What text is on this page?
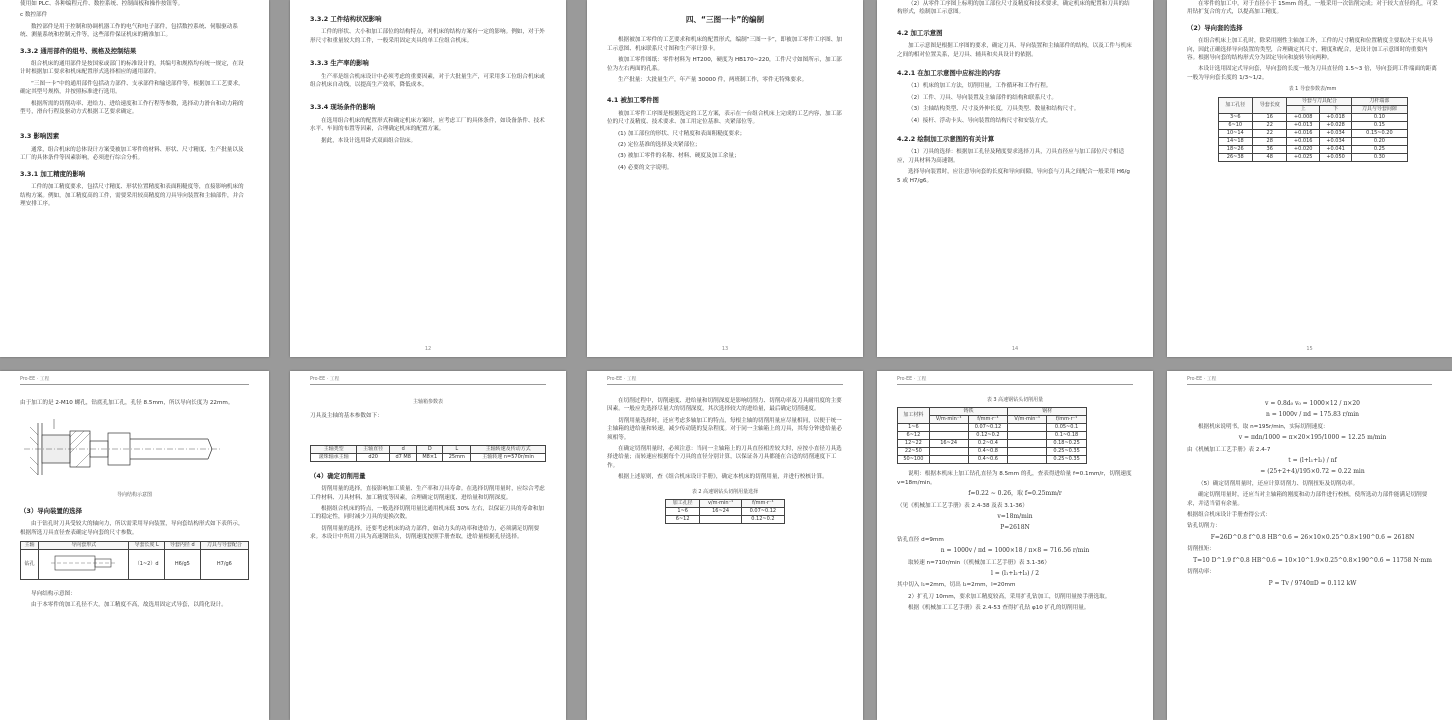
使用如 PLC、各种编程元件、数控系统、控制面板和操作按钮等。
c 数控部件
数控部件是用于控制和协调机器工作的电气和电子部件，包括数控系统、伺服驱动系统、测量系统和控制元件等，这些部件保证机床的精准加工。
3.3.2 通用部件的组号、规格及控制结果
组合机床的通用部件是按国家或部门的标准设计的，其编号和规格均有统一规定，在设计时根据加工要求和机床配置形式选择相应的通用部件。
“三图一卡”中的通用部件包括动力部件、支承部件和输送部件等，根据加工工艺要求，确定其型号规格，并按照标准进行选用。
根据所需的切削功率、进给力、进给速度和工作行程等参数，选择动力滑台和动力箱的型号，滑台行程及驱动方式根据工艺要求确定。
3.3 影响因素
通常，组合机床的总体设计方案受被加工零件的材料、形状、尺寸精度、生产批量以及工厂的具体条件等因素影响，必须进行综合分析。
3.3.1 加工精度的影响
工件的加工精度要求，包括尺寸精度、形状位置精度和表面粗糙度等，直接影响机床的结构方案。例如，加工精度高的工件，需要采用较高精度的刀具导向装置和主轴部件，并合理安排工序。
3.3.2 工件结构状况影响
工件的形状、大小和加工部位的结构特点，对机床的结构方案有一定的影响。例如，对于外形尺寸和重量较大的工件，一般采用固定夹具的单工位组合机床。
3.3.3 生产率的影响
生产率是组合机床设计中必须考虑的重要因素，对于大批量生产，可采用多工位组合机床或组合机床自动线，以提高生产效率，降低成本。
3.3.4 现场条件的影响
在选用组合机床的配置形式和确定机床方案时，应考虑工厂的具体条件，如设备条件、技术水平、车间的布置等因素，合理确定机床的配置方案。
据此，本设计选用卧式双面组合钻床。
12
四、“三图一卡”的编制
根据被加工零件的工艺要求和机床的配置形式，编制“三图一卡”，即被加工零件工序图、加工示意图、机床联系尺寸图和生产率计算卡。
被加工零件图纸：零件材料为 HT200，硬度为 HB170~220，工件尺寸如图所示，加工部位为左右两面的孔系。
生产批量：大批量生产，年产量 30000 件，两班制工作，零件无特殊要求。
4.1 被加工零件图
被加工零件工序图是根据选定的工艺方案，表示在一台组合机床上完成的工艺内容，加工部位的尺寸及精度、技术要求、加工用定位基准、夹紧部位等。
(1) 加工部位的形状、尺寸精度和表面粗糙度要求；
(2) 定位基准的选择及夹紧部位；
(3) 被加工零件的名称、材料、硬度及加工余量；
(4) 必要的文字说明。
13
（2）从零件工序图上标明的加工部位尺寸及精度和技术要求，确定机床的配置和刀具的结构形式，绘制加工示意图。
4.2 加工示意图
加工示意图是根据工序图的要求，确定刀具、导向装置和主轴部件的结构，以及工件与机床之间的相对位置关系，是刀具、辅具和夹具设计的依据。
4.2.1 在加工示意图中应标注的内容
（1）机床的加工方法，切削用量，工作循环和工作行程。
（2）工件、刀具、导向装置及主轴部件的结构和联系尺寸。
（3）主轴结构类型、尺寸及外伸长度，刀具类型、数量和结构尺寸。
（4）接杆、浮动卡头、导向装置的结构尺寸和安装方式。
4.2.2 绘制加工示意图的有关计算
（1）刀具的选择：根据加工孔径及精度要求选择刀具，刀具直径应与加工部位尺寸相适应，刀具材料为高速钢。
选择导向装置时，应注意导向套的长度和导向间隙，导向套与刀具之间配合一般采用 H6/g5 或 H7/g6。
14
在零件的加工中，对于直径小于 15mm 的孔，一般采用一次钻削完成；对于较大直径的孔，可采用钻扩复合的方式，以提高加工精度。
（2）导向套的选择
在组合机床上加工孔时，除采用刚性主轴加工外，工件的尺寸精度和位置精度主要取决于夹具导向，因此正确选择导向装置的类型，合理确定其尺寸、精度和配合，是设计加工示意图时的重要内容。根据导向套的结构形式分为固定导向和旋转导向两种。
本设计选用固定式导向套，导向套的长度一般为刀具直径的 1.5~3 倍，导向套到工件端面的距离一般为导向套长度的 1/3~1/2。
表 1 导套参数表/mm
加工孔径	导套长度	导套与刀具配合		刀杆端部
		上	下	刀具与导套间隙
3~6	16	+0.008	+0.018	0.10
6~10	22	+0.013	+0.028	0.15
10~14	22	+0.016	+0.034	0.15~0.20
14~18	28	+0.016	+0.034	0.20
18~26	36	+0.020	+0.041	0.25
26~38	48	+0.025	+0.050	0.30
15
Pro·EE · 工程
由于加工的是 2-M10 螺孔，钻底孔加工孔，孔径 8.5mm，所以导向长度为 22mm。
导向结构示意图
（3）导向装置的选择
由于钻孔时刀具受较大的轴向力，所以需采用导向装置，导向套结构形式如下表所示，根据所选刀具直径查表确定导向套的尺寸参数。
主轴	导向套形式	导套长度 L	导套内径 d	刀具与导套配合
钻孔		（1~2）d	H6/g5	H7/g6
导向结构示意图：
由于本零件的加工孔径不大，加工精度不高，故选用固定式导套，以简化设计。
Pro·EE · 工程
主轴箱参数表
刀具及主轴的基本参数如下：
主轴类型	主轴直径	d	D	L	主轴转速及传动方式
滚珠轴承主轴	d20	d7 M8	M8×1	25mm	主轴转速 n=570r/min
（4）确定切削用量
切削用量的选择，直接影响加工质量、生产率和刀具寿命。在选择切削用量时，应综合考虑工件材料、刀具材料、加工精度等因素，合理确定切削速度、进给量和切削深度。
根据组合机床的特点，一般选择切削用量比通用机床低 30% 左右，以保证刀具的寿命和加工的稳定性，同时减少刀具的更换次数。
切削用量的选择，还要考虑机床的动力部件，如动力头的功率和进给力，必须满足切削要求。本设计中所用刀具为高速钢钻头，切削速度按照手册查取，进给量根据孔径选择。
Pro·EE · 工程
在切削过程中，切削速度、进给量和切削深度是影响切削力、切削功率及刀具耐用度的主要因素。一般应先选择尽量大的切削深度，其次选择较大的进给量，最后确定切削速度。
切削用量选择时，还应考虑多轴加工的特点，每根主轴的切削用量应尽量相同，以便于统一主轴箱的进给量和转速，减少传动链的复杂程度。对于同一主轴箱上的刀具，其每分钟进给量必须相等。
在确定切削用量时，必须注意：当同一主轴箱上的刀具直径相差较大时，应按小直径刀具选择进给量；而转速应根据每个刀具的直径分别计算，以保证各刀具都能在合适的切削速度下工作。
根据上述原则，查《组合机床设计手册》，确定本机床的切削用量，并进行校核计算。
表 2 高速钢钻头切削用量选择
加工孔径	v/m·min⁻¹	f/mm·r⁻¹
1~6	16~24	0.07~0.12
6~12		0.12~0.2
Pro·EE · 工程
表 3 高速钢钻头切削用量
加工材料	铸铁		钢材	
	V/m·min⁻¹	f/mm·r⁻¹	V/m·min⁻¹	f/mm·r⁻¹
1~6		0.07~0.12		0.05~0.1
6~12		0.12~0.2		0.1~0.18
12~22	16~24	0.2~0.4		0.18~0.25
22~50		0.4~0.8		0.25~0.35
50~100		0.4~0.6		0.25~0.35
说明：根据本机床上加工钻孔直径为 8.5mm 的孔，查表得进给量 f=0.1mm/r，切削速度 v=18m/min。
f=0.22 ~ 0.26，取 f=0.25mm/r
（见《机械加工工艺手册》表 2.4-38 及表 3.1-36）
v=18m/min
P=2618N
钻孔直径 d=9mm
n = 1000v / πd = 1000×18 / π×8 = 716.56 r/min
取转速 n=710r/min（《机械加工工艺手册》表 3.1-36）
l = (l₁+l₂+l₃) / 2
其中切入 l₁=2mm，切出 l₂=2mm，l=20mm
2）扩孔刀 10mm，要求加工精度较高，采用扩孔钻加工，切削用量按手册选取。
根据《机械加工工艺手册》表 2.4-53 查得扩孔钻 φ10 扩孔的切削用量。
Pro·EE · 工程
v = 0.8d₀ v₀ = 1000×12 / π×20
n = 1000v / πd = 175.83 r/min
根据机床说明书，取 n=195r/min，实际切削速度：
v = πdn/1000 = π×20×195/1000 = 12.25 m/min
由《机械加工工艺手册》表 2.4-7
t = (l+l₁+l₂) / nf
= (25+2+4)/195×0.72 = 0.22 min
（5）确定切削用量时，还应计算切削力、切削扭矩及切削功率。
确定切削用量时，还应当对主轴箱的刚度和动力部件进行校核，使所选动力部件能满足切削要求，并适当留有余量。
根据组合机床设计手册查得公式：
钻孔切削力：
F=26D^0.8 f^0.8 HB^0.6 = 26×10×0.25^0.8×190^0.6 = 2618N
切削扭矩：
T=10 D^1.9 f^0.8 HB^0.6 = 10×10^1.9×0.25^0.8×190^0.6 = 11758 N·mm
切削功率：
P = Tv / 9740πD = 0.112 kW
